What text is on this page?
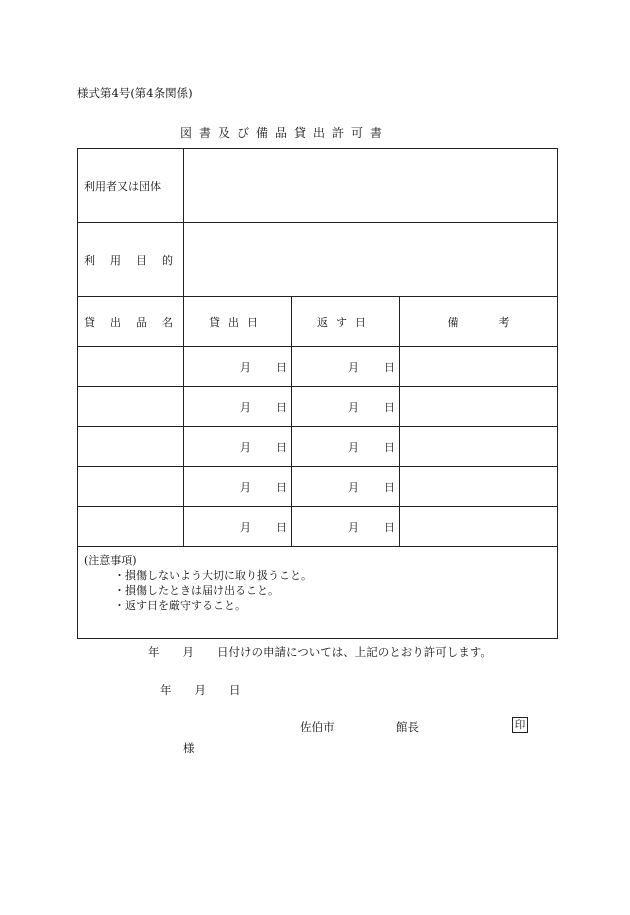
様式第4号(第4条関係)
図書及び備品貸出許可書
利用者又は団体			
利用目的			
貸出品名	貸出日	返す日	備考

	月 日	月 日	

	月 日	月 日	

	月 日	月 日	

	月 日	月 日	

	月 日	月 日	

(注意事項)
・損傷しないよう大切に取り扱うこと。
・損傷したときは届け出ること。
・返す日を厳守すること。			
年　　月　　日付けの申請については、上記のとおり許可します。
年　　月　　日
佐伯市	館長	印
様
